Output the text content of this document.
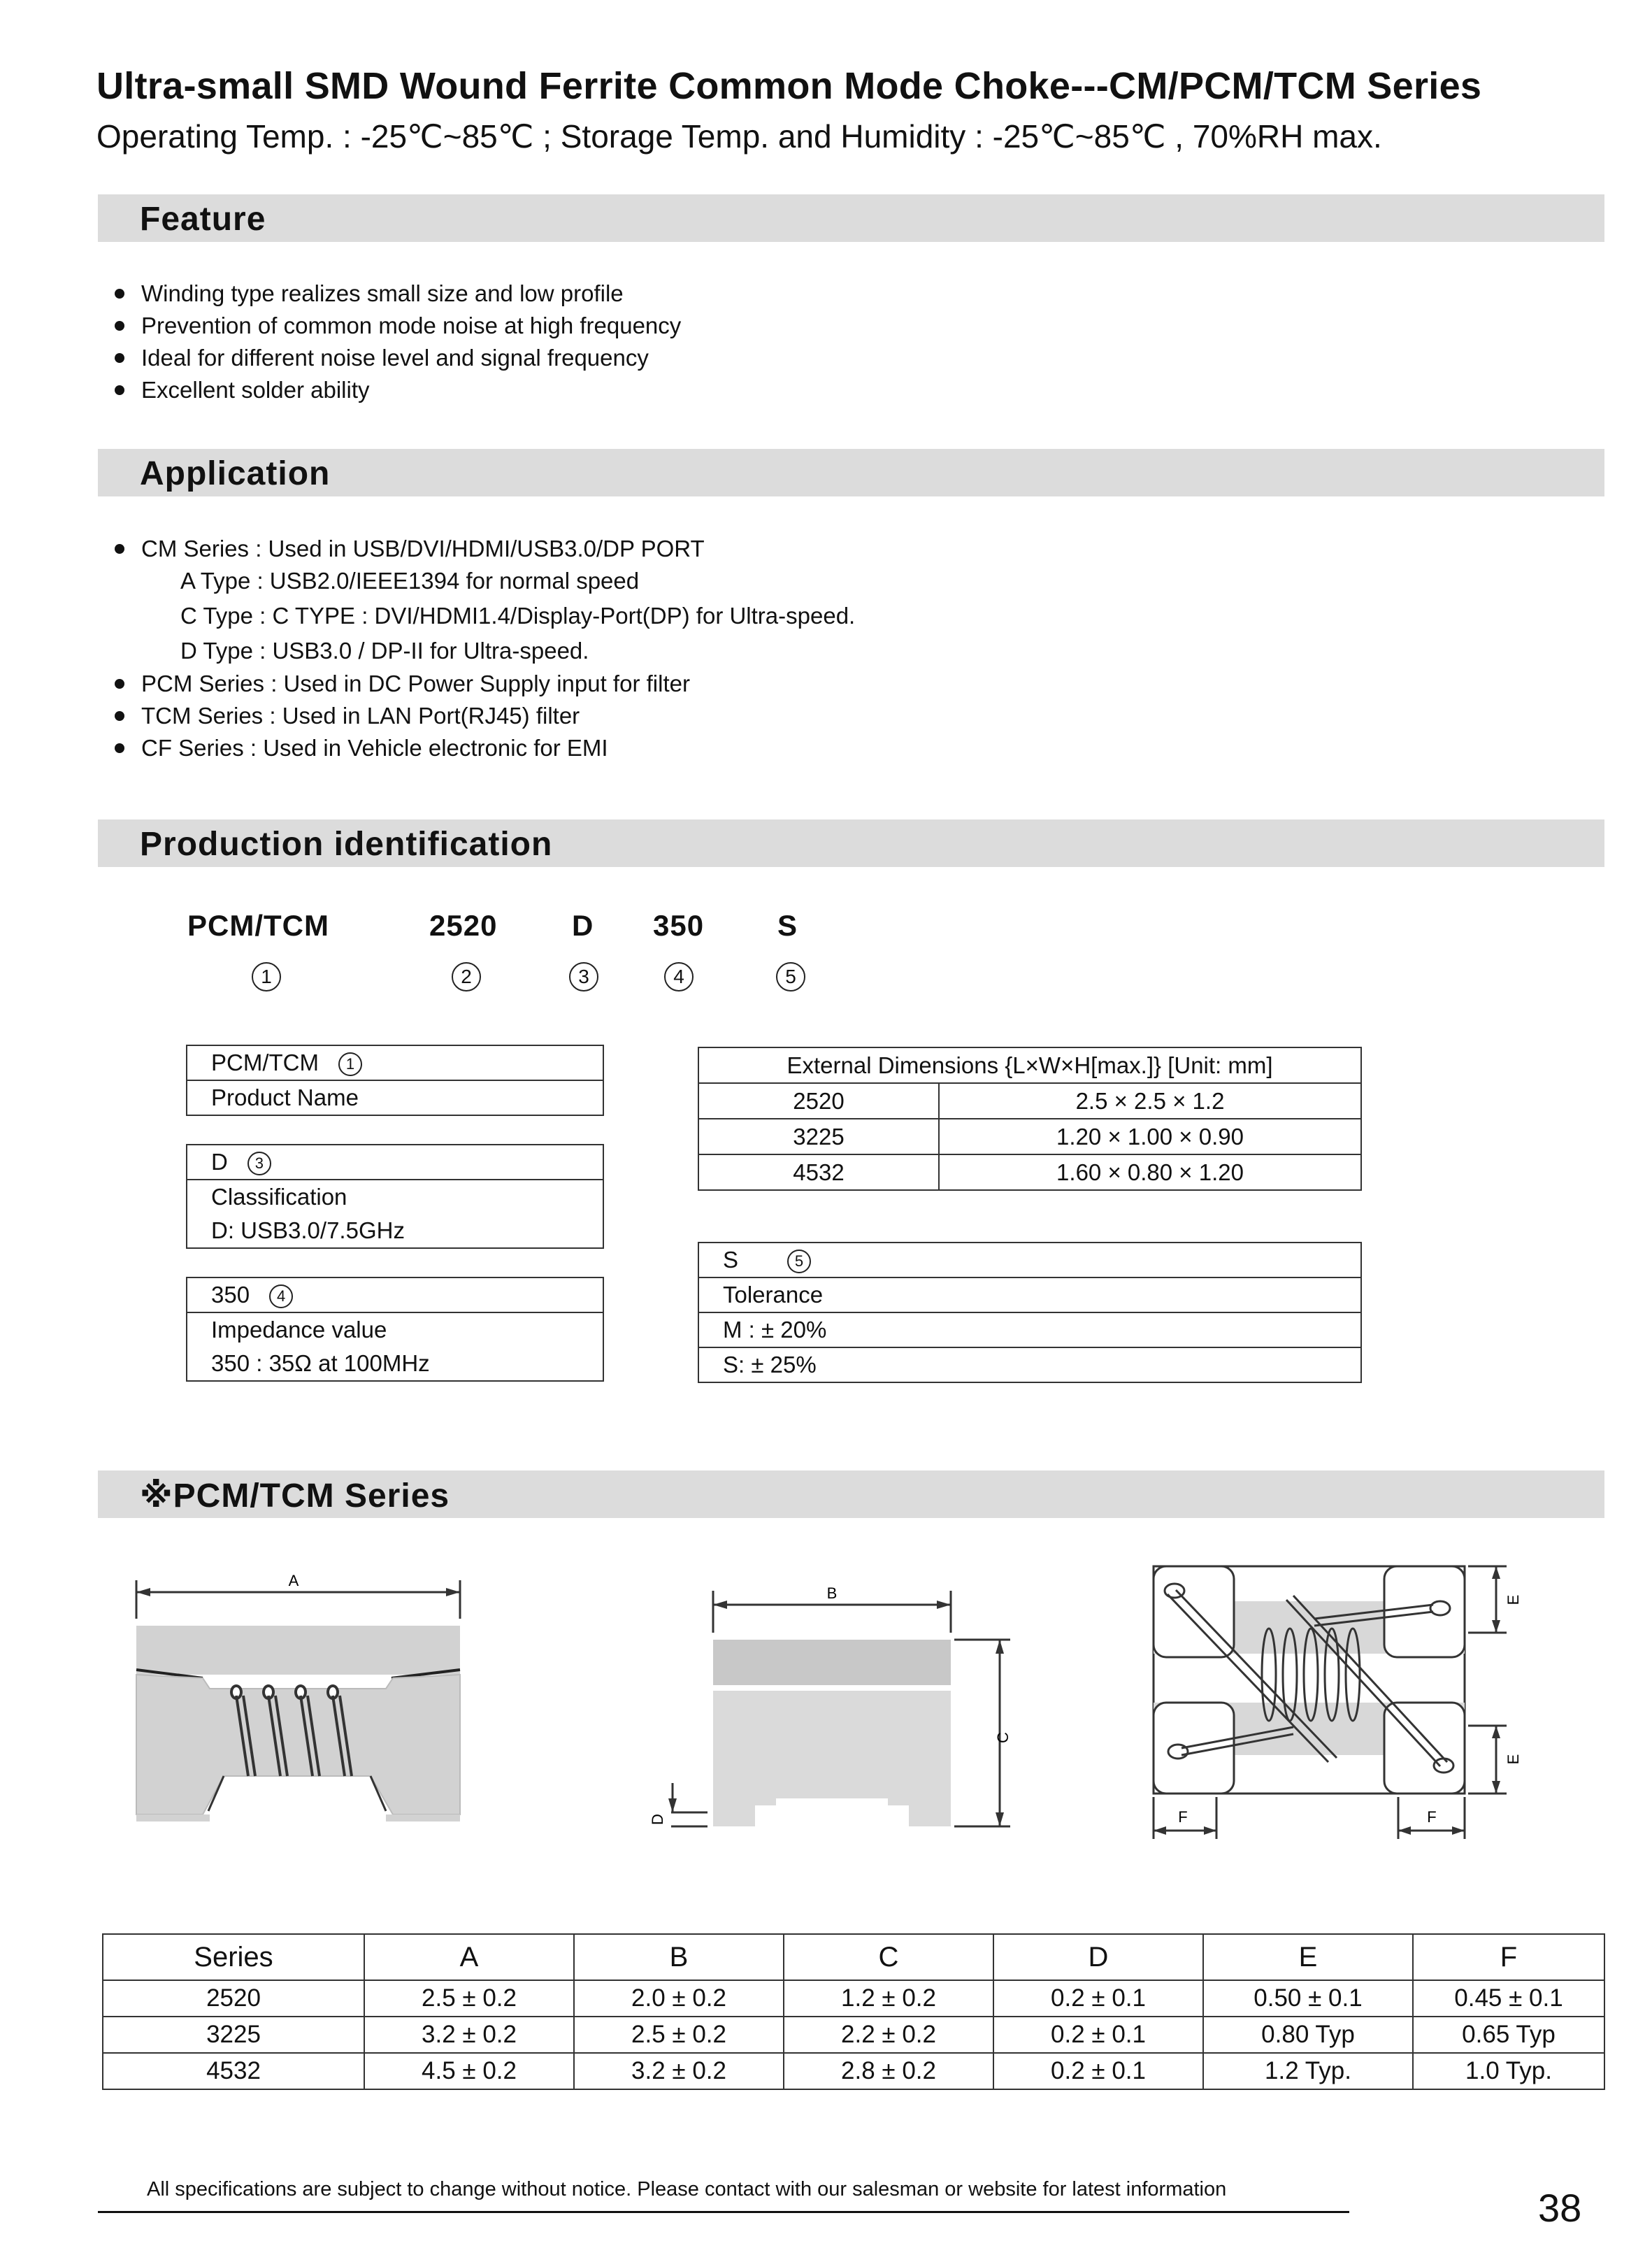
Ultra-small SMD Wound Ferrite Common Mode Choke---CM/PCM/TCM Series
Operating Temp. : -25℃~85℃ ; Storage Temp. and Humidity : -25℃~85℃ , 70%RH max.
Feature
Winding type realizes small size and low profile
Prevention of common mode noise at high frequency
Ideal for different noise level and signal frequency
Excellent solder ability
Application
CM Series : Used in USB/DVI/HDMI/USB3.0/DP PORT
A Type : USB2.0/IEEE1394 for normal speed
C Type : C TYPE : DVI/HDMI1.4/Display-Port(DP) for Ultra-speed.
D Type : USB3.0 / DP-II for Ultra-speed.
PCM Series : Used in DC Power Supply input for filter
TCM Series : Used in LAN Port(RJ45) filter
CF Series : Used in Vehicle electronic for EMI
Production identification
PCM/TCM	2520	D 350 S
1	2	3	4	5
PCM/TCM 1
Product Name
D 3
Classification
D: USB3.0/7.5GHz
350 4
Impedance value
350 : 35Ω at 100MHz
External Dimensions {L×W×H[max.]} [Unit: mm]	
2520	2.5 × 2.5 × 1.2
3225	1.20 × 1.00 × 0.90
4532	1.60 × 0.80 × 1.20
S	5
Tolerance
M : ± 20%
S: ± 25%
※PCM/TCM Series
A
B
C
D
E
E
F	F
Series	A	B	C	D	E	F
2520	2.5 ± 0.2	2.0 ± 0.2	1.2 ± 0.2	0.2 ± 0.1	0.50 ± 0.1	0.45 ± 0.1
3225	3.2 ± 0.2	2.5 ± 0.2	2.2 ± 0.2	0.2 ± 0.1	0.80 Typ	0.65 Typ
4532	4.5 ± 0.2	3.2 ± 0.2	2.8 ± 0.2	0.2 ± 0.1	1.2 Typ.	1.0 Typ.
All specifications are subject to change without notice. Please contact with our salesman or website for latest information	38
